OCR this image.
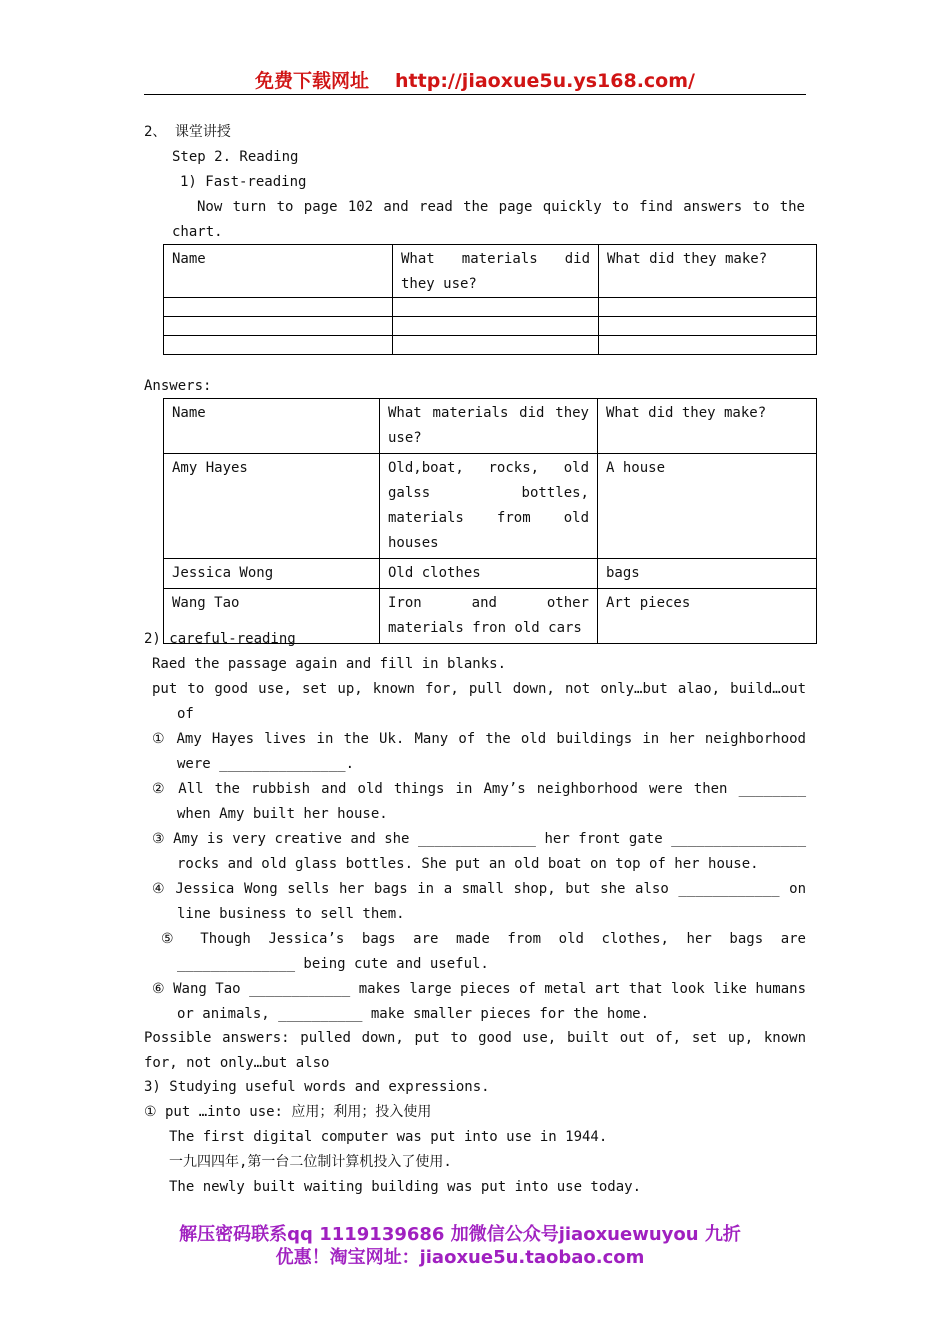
免费下载网址 http://jiaoxue5u.ys168.com/
2、 课堂讲授
Step 2. Reading
1) Fast-reading
Now turn to page 102 and read the page quickly to find answers to the
chart.
Name	What materials did they use?	What did they make?

Answers:
Name	What materials did they use?	What did they make?
Amy Hayes	Old,boat, rocks, old galss bottles, materials from old houses	A house
Jessica Wong	Old clothes	bags
Wang Tao	Iron and other materials fron old cars	Art pieces
2) careful-reading
Raed the passage again and fill in blanks.
put to good use, set up, known for, pull down, not only…but alao, build…out
of
① Amy Hayes lives in the Uk. Many of the old buildings in her neighborhood
were _______________.
② All the rubbish and old things in Amy’s neighborhood were then ________
when Amy built her house.
③ Amy is very creative and she ______________ her front gate ________________
rocks and old glass bottles. She put an old boat on top of her house.
④ Jessica Wong sells her bags in a small shop, but she also ____________ on
line business to sell them.
⑤ Though Jessica’s bags are made from old clothes, her bags are
______________ being cute and useful.
⑥ Wang Tao ____________ makes large pieces of metal art that look like humans
or animals, __________ make smaller pieces for the home.
Possible answers: pulled down, put to good use, built out of, set up, known
for, not only…but also
3) Studying useful words and expressions.
① put …into use: 应用；利用；投入使用
The first digital computer was put into use in 1944.
一九四四年,第一台二位制计算机投入了使用.
The newly built waiting building was put into use today.
解压密码联系qq 1119139686 加微信公众号jiaoxuewuyou 九折
优惠！淘宝网址：jiaoxue5u.taobao.com
